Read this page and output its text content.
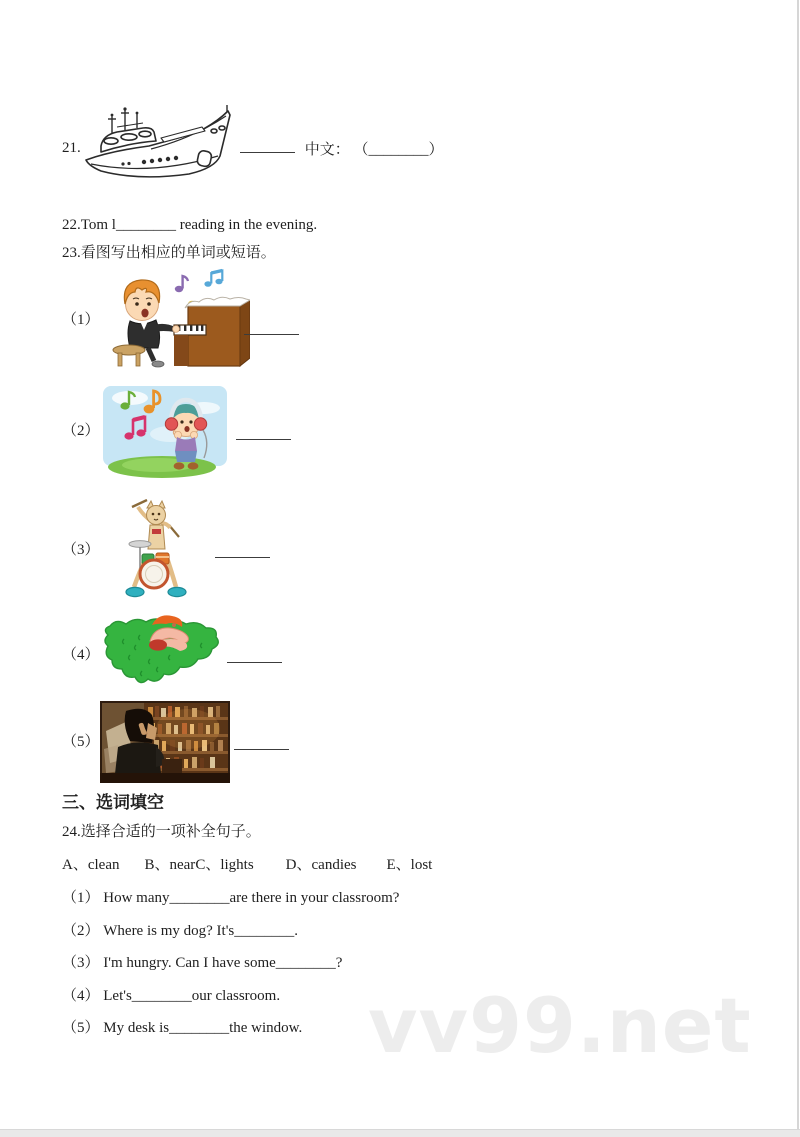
vv99.net
21.	中文： （________）

22.Tom l________ reading in the evening.

23.看图写出相应的单词或短语。

（1）
（2）
（3）
（4）
（5）
三、选词填空

24.选择合适的一项补全句子。

A、clean B、nearC、lights D、candies E、lost

（1） How many________are there in your classroom?

（2） Where is my dog? It's________.

（3） I'm hungry. Can I have some________?

（4） Let's________our classroom.

（5） My desk is________the window.
